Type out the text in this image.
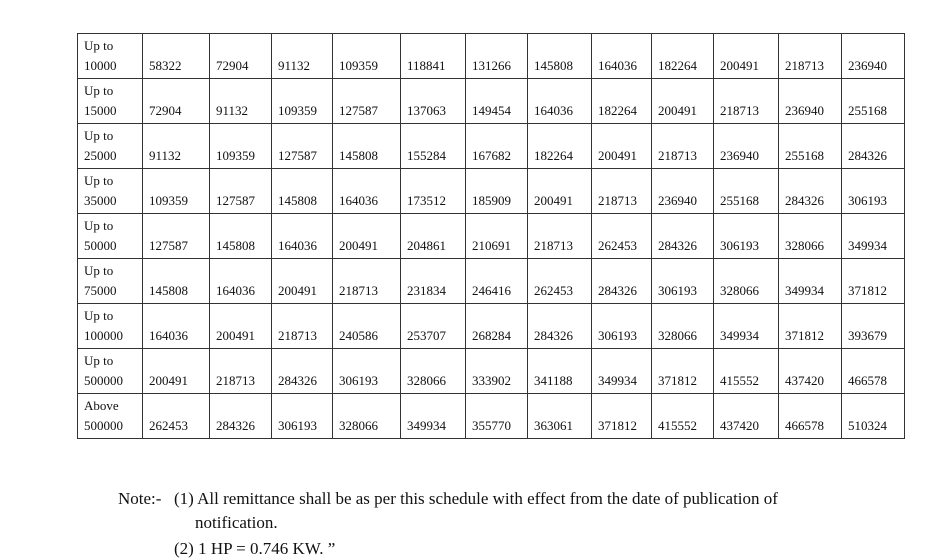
Up to
10000	58322	72904	91132	109359	118841	131266	145808	164036	182264	200491	218713	236940

Up to
15000	72904	91132	109359	127587	137063	149454	164036	182264	200491	218713	236940	255168

Up to
25000	91132	109359	127587	145808	155284	167682	182264	200491	218713	236940	255168	284326

Up to
35000	109359	127587	145808	164036	173512	185909	200491	218713	236940	255168	284326	306193

Up to
50000	127587	145808	164036	200491	204861	210691	218713	262453	284326	306193	328066	349934

Up to
75000	145808	164036	200491	218713	231834	246416	262453	284326	306193	328066	349934	371812

Up to
100000	164036	200491	218713	240586	253707	268284	284326	306193	328066	349934	371812	393679

Up to
500000	200491	218713	284326	306193	328066	333902	341188	349934	371812	415552	437420	466578

Above
500000	262453	284326	306193	328066	349934	355770	363061	371812	415552	437420	466578	510324
Note:- (1) All remittance shall be as per this schedule with effect from the date of publication of
notification.
(2) 1 HP = 0.746 KW. ”
